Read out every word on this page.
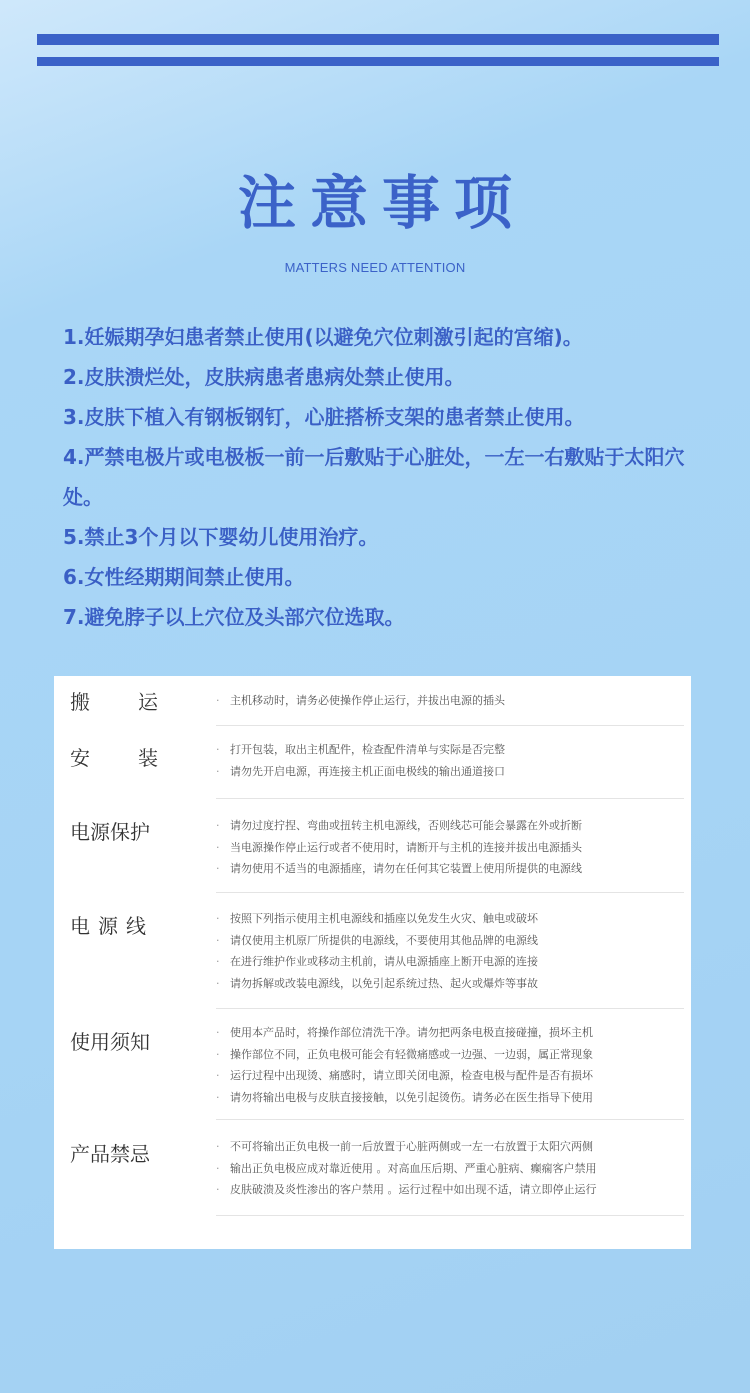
注意事项
MATTERS NEED ATTENTION
1.妊娠期孕妇患者禁止使用(以避免穴位刺激引起的宫缩)。
2.皮肤溃烂处，皮肤病患者患病处禁止使用。
3.皮肤下植入有钢板钢钉，心脏搭桥支架的患者禁止使用。
4.严禁电极片或电极板一前一后敷贴于心脏处，一左一右敷贴于太阳穴处。
5.禁止3个月以下婴幼儿使用治疗。
6.女性经期期间禁止使用。
7.避免脖子以上穴位及头部穴位选取。
搬运	· 主机移动时，请务必使操作停止运行，并拔出电源的插头
安装	· 打开包装，取出主机配件，检查配件清单与实际是否完整
· 请勿先开启电源，再连接主机正面电极线的输出通道接口
电源保护	· 请勿过度拧捏、弯曲或扭转主机电源线，否则线芯可能会暴露在外或折断
· 当电源操作停止运行或者不使用时，请断开与主机的连接并拔出电源插头
· 请勿使用不适当的电源插座，请勿在任何其它装置上使用所提供的电源线
电源线	· 按照下列指示使用主机电源线和插座以免发生火灾、触电或破坏
· 请仅使用主机原厂所提供的电源线，不要使用其他品牌的电源线
· 在进行维护作业或移动主机前，请从电源插座上断开电源的连接
· 请勿拆解或改装电源线，以免引起系统过热、起火或爆炸等事故
使用须知	· 使用本产品时，将操作部位清洗干净。请勿把两条电极直接碰撞，损坏主机
· 操作部位不同，正负电极可能会有轻微痛感或一边强、一边弱，属正常现象
· 运行过程中出现烫、痛感时，请立即关闭电源，检查电极与配件是否有损坏
· 请勿将输出电极与皮肤直接接触，以免引起烫伤。请务必在医生指导下使用
产品禁忌	· 不可将输出正负电极一前一后放置于心脏两侧或一左一右放置于太阳穴两侧
· 输出正负电极应成对靠近使用 。对高血压后期、严重心脏病、癫痫客户禁用
· 皮肤破溃及炎性渗出的客户禁用 。运行过程中如出现不适，请立即停止运行
